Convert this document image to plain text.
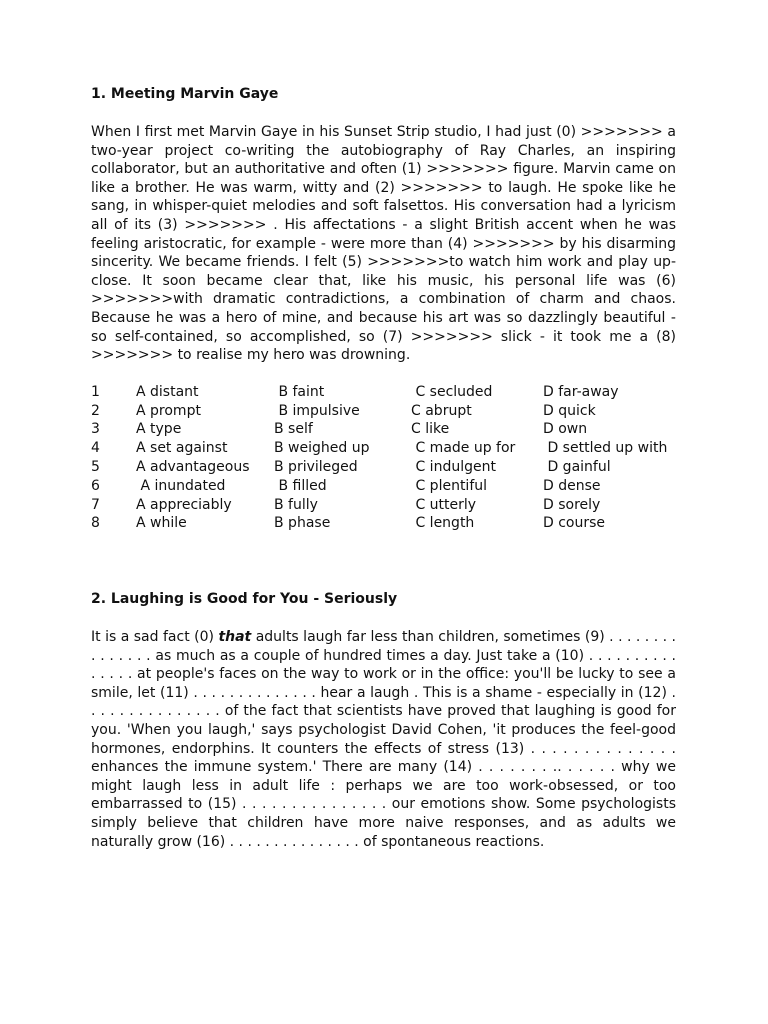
1. Meeting Marvin Gaye

When I first met Marvin Gaye in his Sunset Strip studio, I had just (0) >>>>>>> a two-year project co-writing the autobiography of Ray Charles, an inspiring collaborator, but an authoritative and often (1) >>>>>>> figure. Marvin came on like a brother. He was warm, witty and (2) >>>>>>> to laugh. He spoke like he sang, in whisper-quiet melodies and soft falsettos. His conversation had a lyricism all of its (3) >>>>>>> . His affectations - a slight British accent when he was feeling aristocratic, for example - were more than (4) >>>>>>> by his disarming sincerity. We became friends. I felt (5) >>>>>>>to watch him work and play up-close. It soon became clear that, like his music, his personal life was (6) >>>>>>>with dramatic contradictions, a combination of charm and chaos. Because he was a hero of mine, and because his art was so dazzlingly beautiful - so self-contained, so accomplished, so (7) >>>>>>> slick - it took me a (8) >>>>>>> to realise my hero was drowning.

1	A distant	B faint	C secluded	D far-away
2	A prompt	B impulsive	C abrupt	D quick
3	A type	B self	C like	D own
4	A set against	B weighed up	C made up for	D settled up with
5	A advantageous	B privileged	C indulgent	D gainful
6	A inundated	B filled	C plentiful	D dense
7	A appreciably	B fully	C utterly	D sorely
8	A while	B phase	C length	D course

2. Laughing is Good for You - Seriously

It is a sad fact (0) that adults laugh far less than children, sometimes (9) . . . . . . . . . . . . . . . as much as a couple of hundred times a day. Just take a (10) . . . . . . . . . . . . . . . at people's faces on the way to work or in the office: you'll be lucky to see a smile, let (11) . . . . . . . . . . . . . . hear a laugh . This is a shame - especially in (12) . . . . . . . . . . . . . . . of the fact that scientists have proved that laughing is good for you. 'When you laugh,' says psychologist David Cohen, 'it produces the feel-good hormones, endorphins. It counters the effects of stress (13) . . . . . . . . . . . . . . enhances the immune system.' There are many (14) . . . . . . . .. . . . . . why we might laugh less in adult life : perhaps we are too work-obsessed, or too embarrassed to (15) . . . . . . . . . . . . . . . our emotions show. Some psychologists simply believe that children have more naive responses, and as adults we naturally grow (16) . . . . . . . . . . . . . . . of spontaneous reactions.
